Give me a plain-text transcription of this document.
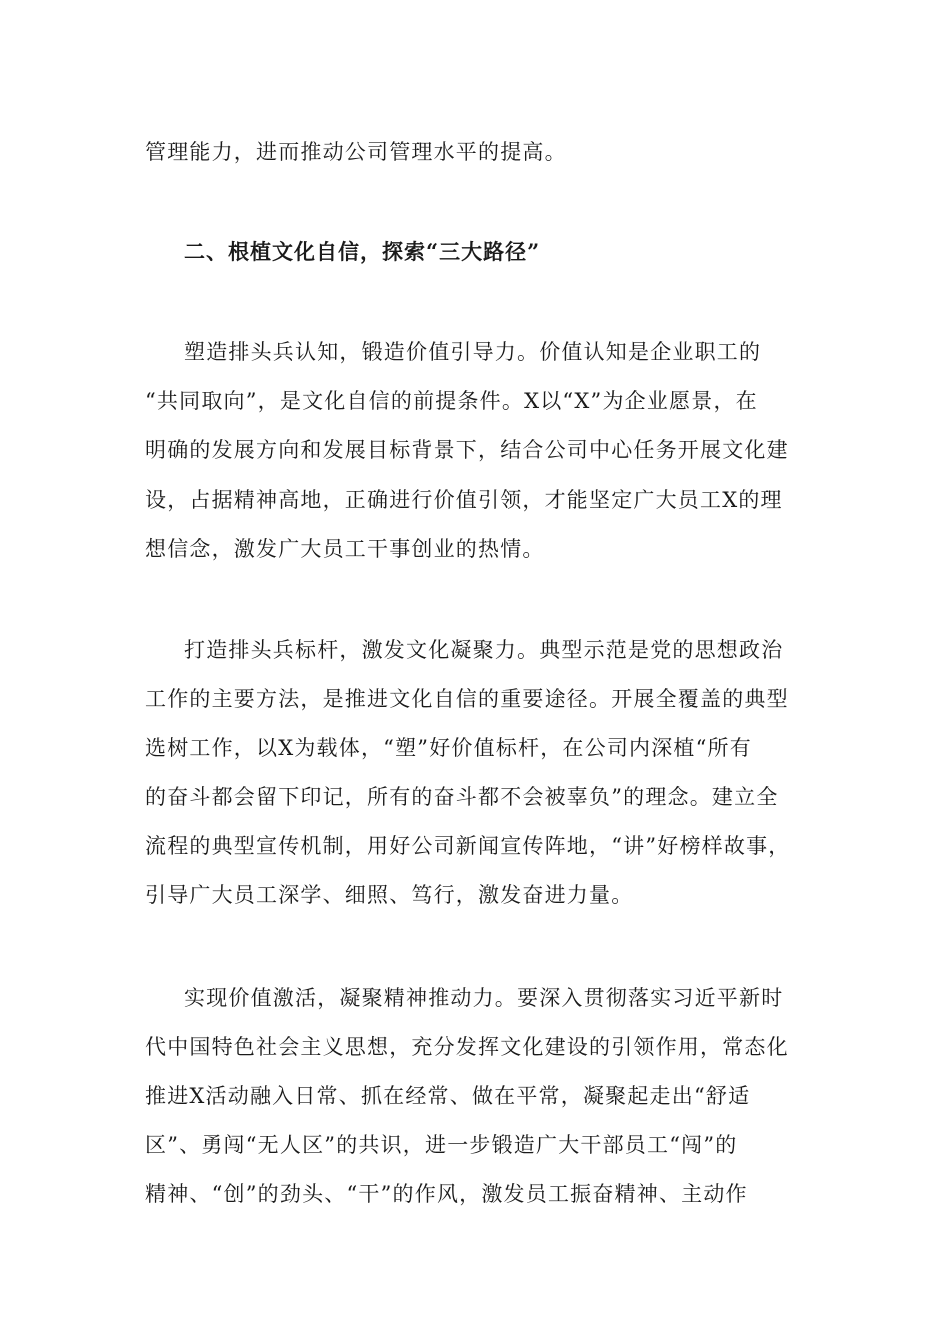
管理能力，进而推动公司管理水平的提高。
二、根植文化自信，探索“三大路径”
塑造排头兵认知，锻造价值引导力。价值认知是企业职工的
“共同取向”，是文化自信的前提条件。X以“X”为企业愿景，在
明确的发展方向和发展目标背景下，结合公司中心任务开展文化建
设，占据精神高地，正确进行价值引领，才能坚定广大员工X的理
想信念，激发广大员工干事创业的热情。
打造排头兵标杆，激发文化凝聚力。典型示范是党的思想政治
工作的主要方法，是推进文化自信的重要途径。开展全覆盖的典型
选树工作，以X为载体，“塑”好价值标杆，在公司内深植“所有
的奋斗都会留下印记，所有的奋斗都不会被辜负”的理念。建立全
流程的典型宣传机制，用好公司新闻宣传阵地，“讲”好榜样故事，
引导广大员工深学、细照、笃行，激发奋进力量。
实现价值激活，凝聚精神推动力。要深入贯彻落实习近平新时
代中国特色社会主义思想，充分发挥文化建设的引领作用，常态化
推进X活动融入日常、抓在经常、做在平常，凝聚起走出“舒适
区”、勇闯“无人区”的共识，进一步锻造广大干部员工“闯”的
精神、“创”的劲头、“干”的作风，激发员工振奋精神、主动作
